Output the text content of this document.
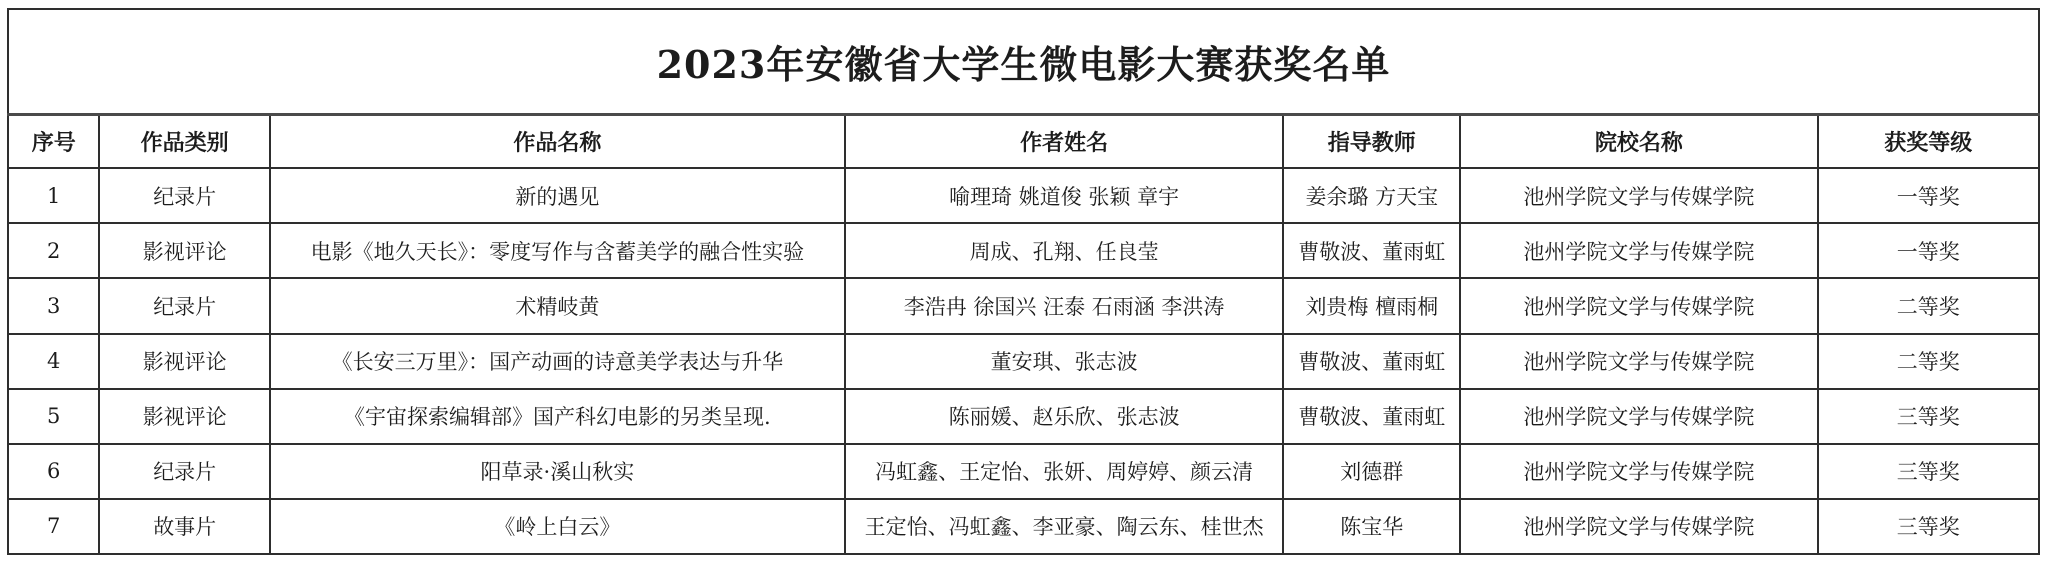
2023年安徽省大学生微电影大赛获奖名单						
序号	作品类别	作品名称	作者姓名	指导教师	院校名称	获奖等级
1	纪录片	新的遇见	喻理琦 姚道俊 张颖 章宇	姜余璐 方天宝	池州学院文学与传媒学院	一等奖
2	影视评论	电影《地久天长》：零度写作与含蓄美学的融合性实验	周成、孔翔、任良莹	曹敬波、董雨虹	池州学院文学与传媒学院	一等奖
3	纪录片	术精岐黄	李浩冉 徐国兴 汪泰 石雨涵 李洪涛	刘贵梅 檀雨桐	池州学院文学与传媒学院	二等奖
4	影视评论	《长安三万里》：国产动画的诗意美学表达与升华	董安琪、张志波	曹敬波、董雨虹	池州学院文学与传媒学院	二等奖
5	影视评论	《宇宙探索编辑部》国产科幻电影的另类呈现.	陈丽媛、赵乐欣、张志波	曹敬波、董雨虹	池州学院文学与传媒学院	三等奖
6	纪录片	阳草录·溪山秋实	冯虹鑫、王定怡、张妍、周婷婷、颜云清	刘德群	池州学院文学与传媒学院	三等奖
7	故事片	《岭上白云》	王定怡、冯虹鑫、李亚豪、陶云东、桂世杰	陈宝华	池州学院文学与传媒学院	三等奖
